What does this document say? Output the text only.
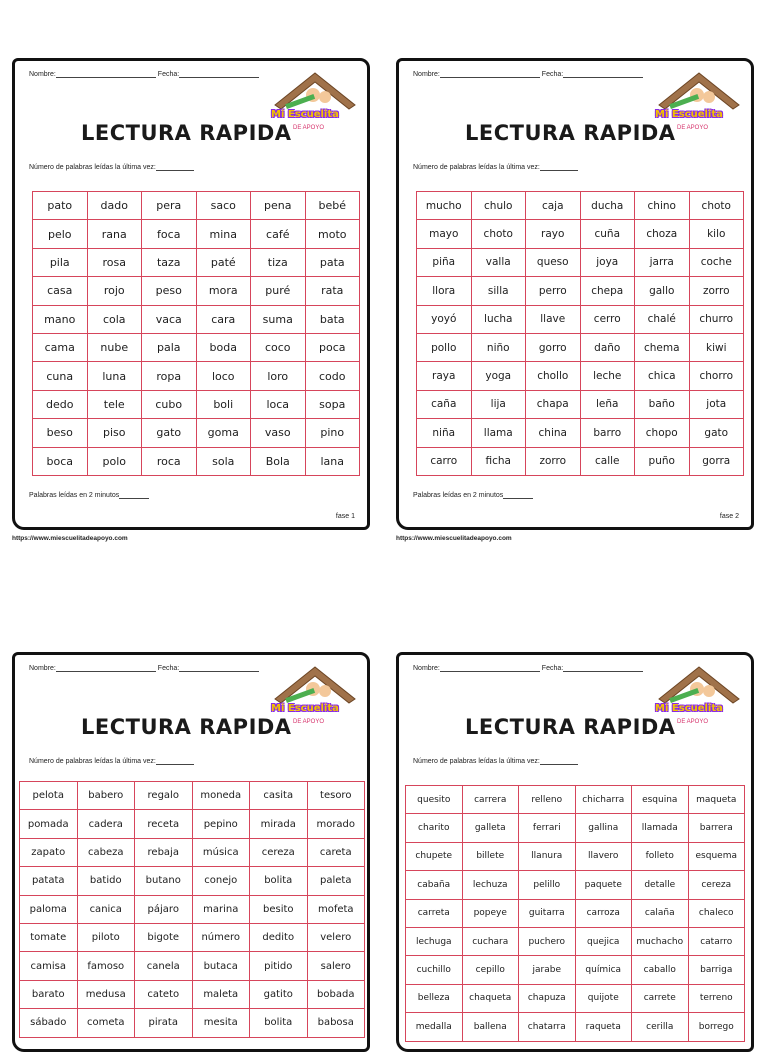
Nombre:	Fecha:
Mi Escuelita
DE APOYO
LECTURA RAPIDA
Número de palabras leídas la última vez:
pato	dado	pera	saco	pena	bebé
pelo	rana	foca	mina	café	moto
pila	rosa	taza	paté	tiza	pata
casa	rojo	peso	mora	puré	rata
mano	cola	vaca	cara	suma	bata
cama	nube	pala	boda	coco	poca
cuna	luna	ropa	loco	loro	codo
dedo	tele	cubo	boli	loca	sopa
beso	piso	gato	goma	vaso	pino
boca	polo	roca	sola	Bola	lana
Palabras leídas en 2 minutos
fase 1
https://www.miescuelitadeapoyo.com
Nombre:	Fecha:
Mi Escuelita
DE APOYO
LECTURA RAPIDA
Número de palabras leídas la última vez:
mucho	chulo	caja	ducha	chino	choto
mayo	choto	rayo	cuña	choza	kilo
piña	valla	queso	joya	jarra	coche
llora	silla	perro	chepa	gallo	zorro
yoyó	lucha	llave	cerro	chalé	churro
pollo	niño	gorro	daño	chema	kiwi
raya	yoga	chollo	leche	chica	chorro
caña	lija	chapa	leña	baño	jota
niña	llama	china	barro	chopo	gato
carro	ficha	zorro	calle	puño	gorra
Palabras leídas en 2 minutos
fase 2
https://www.miescuelitadeapoyo.com
Nombre:	Fecha:
Mi Escuelita
DE APOYO
LECTURA RAPIDA
Número de palabras leídas la última vez:
pelota	babero	regalo	moneda	casita	tesoro
pomada	cadera	receta	pepino	mirada	morado
zapato	cabeza	rebaja	música	cereza	careta
patata	batido	butano	conejo	bolita	paleta
paloma	canica	pájaro	marina	besito	mofeta
tomate	piloto	bigote	número	dedito	velero
camisa	famoso	canela	butaca	pitido	salero
barato	medusa	cateto	maleta	gatito	bobada
sábado	cometa	pirata	mesita	bolita	babosa
Nombre:	Fecha:
Mi Escuelita
DE APOYO
LECTURA RAPIDA
Número de palabras leídas la última vez:
quesito	carrera	relleno	chicharra	esquina	maqueta
charito	galleta	ferrari	gallina	llamada	barrera
chupete	billete	llanura	llavero	folleto	esquema
cabaña	lechuza	pelillo	paquete	detalle	cereza
carreta	popeye	guitarra	carroza	calaña	chaleco
lechuga	cuchara	puchero	quejica	muchacho	catarro
cuchillo	cepillo	jarabe	química	caballo	barriga
belleza	chaqueta	chapuza	quijote	carrete	terreno
medalla	ballena	chatarra	raqueta	cerilla	borrego
